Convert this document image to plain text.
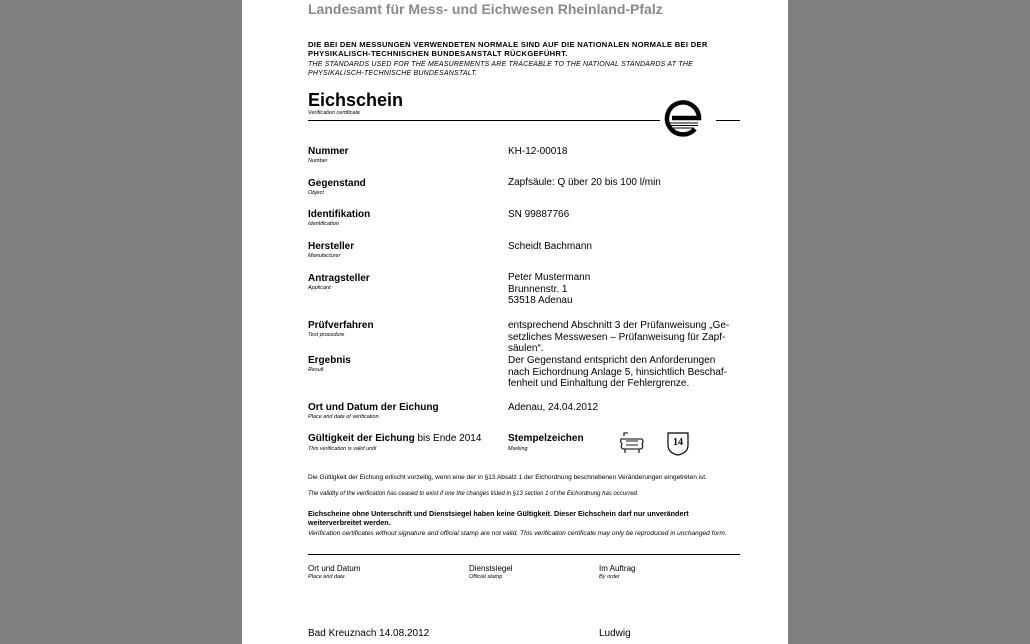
Landesamt für Mess- und Eichwesen Rheinland-Pfalz
DIE BEI DEN MESSUNGEN VERWENDETEN NORMALE SIND AUF DIE NATIONALEN NORMALE BEI DER PHYSIKALISCH-TECHNISCHEN BUNDESANSTALT RÜCKGEFÜHRT.
THE STANDARDS USED FOR THE MEASUREMENTS ARE TRACEABLE TO THE NATIONAL STANDARDS AT THE PHYSIKALISCH-TECHNISCHE BUNDESANSTALT.
Eichschein
Verification certificate
Nummer
Number
KH-12-00018
Gegenstand
Object
Zapfsäule: Q über 20 bis 100 l/min
Identifikation
Identification
SN 99887766
Hersteller
Manufacturer
Scheidt Bachmann
Antragsteller
Applicant
Peter Mustermann
Brunnenstr. 1
53518 Adenau
Prüfverfahren
Test procedure
entsprechend Abschnitt 3 der Prüfanweisung „Ge-
setzliches Messwesen – Prüfanweisung für Zapf-
säulen“.
Ergebnis
Result
Der Gegenstand entspricht den Anforderungen
nach Eichordnung Anlage 5, hinsichtlich Beschaf-
fenheit und Einhaltung der Fehlergrenze.
Ort und Datum der Eichung
Place and date of verification
Adenau, 24.04.2012
Gültigkeit der Eichung bis Ende 2014
This verification is valid until
Stempelzeichen
Marking
14
Die Gültigkeit der Eichung erlischt vorzeitig, wenn eine der in §13 Absatz 1 der Eichordnung beschriebenen Veränderungen eingetreten ist.
The validity of the verification has ceased to exist if one the changes listed in §13 section 1 of the Eichordnung has occurred.
Eichscheine ohne Unterschrift und Dienstsiegel haben keine Gültigkeit. Dieser Eichschein darf nur unverändert weiterverbreitet werden.
Verification certificates without signature and official stamp are not valid. This verification certificate may only be reproduced in unchanged form.
Ort und Datum
Place and date
Bad Kreuznach 14.08.2012
Dienstsiegel
Official stamp
Im Auftrag
By order
Ludwig
